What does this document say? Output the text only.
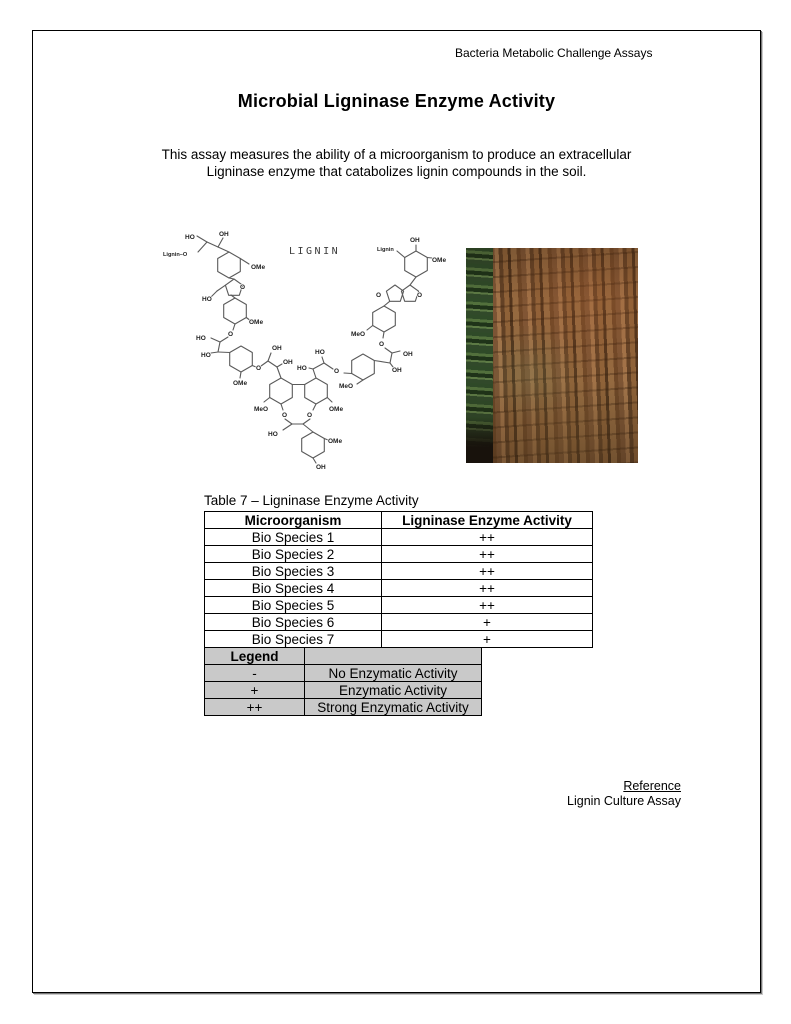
Bacteria Metabolic Challenge Assays
Microbial Ligninase Enzyme Activity

This assay measures the ability of a microorganism to produce an extracellular
Ligninase enzyme that catabolizes lignin compounds in the soil.

HO	OH
Lignin–O
OMe
O
HO
OMe
O
HO
HO
OMe
O
OH
OH
HO
HO
O
MeO
MeO	OMe
O	O
HO
OMe
OH
Lignin
OH
OMe
O	O
MeO
O
OH
OH
LIGNIN
Table 7 – Ligninase Enzyme Activity
Microorganism	Ligninase Enzyme Activity
Bio Species 1	++
Bio Species 2	++
Bio Species 3	++
Bio Species 4	++
Bio Species 5	++
Bio Species 6	+
Bio Species 7	+
Legend	
-	No Enzymatic Activity
+	Enzymatic Activity
++	Strong Enzymatic Activity
Reference
Lignin Culture Assay
